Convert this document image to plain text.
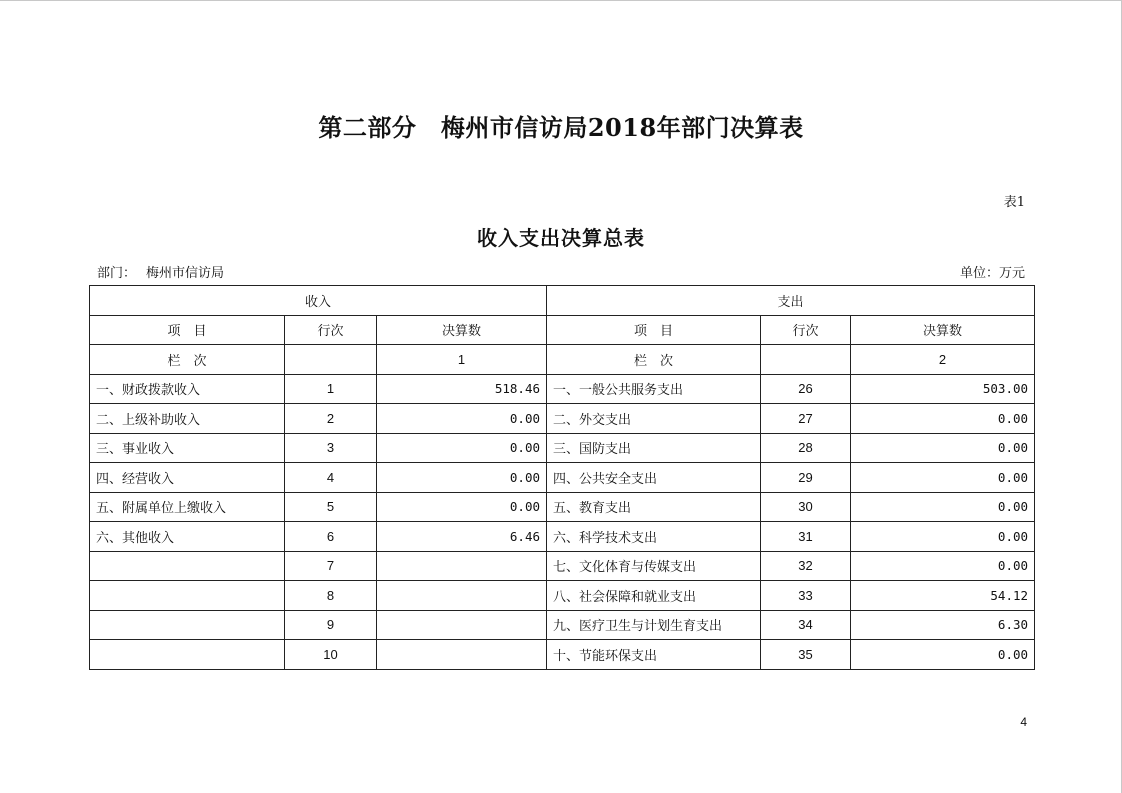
第二部分　梅州市信访局2018年部门决算表
表1
收入支出决算总表
部门： 梅州市信访局	单位：万元
收入			支出		
项　目	行次	决算数	项　目	行次	决算数
栏　次		1	栏　次		2
一、财政拨款收入	1	518.46	一、一般公共服务支出	26	503.00
二、上级补助收入	2	0.00	二、外交支出	27	0.00
三、事业收入	3	0.00	三、国防支出	28	0.00
四、经营收入	4	0.00	四、公共安全支出	29	0.00
五、附属单位上缴收入	5	0.00	五、教育支出	30	0.00
六、其他收入	6	6.46	六、科学技术支出	31	0.00
	7		七、文化体育与传媒支出	32	0.00
	8		八、社会保障和就业支出	33	54.12
	9		九、医疗卫生与计划生育支出	34	6.30
	10		十、节能环保支出	35	0.00
4
